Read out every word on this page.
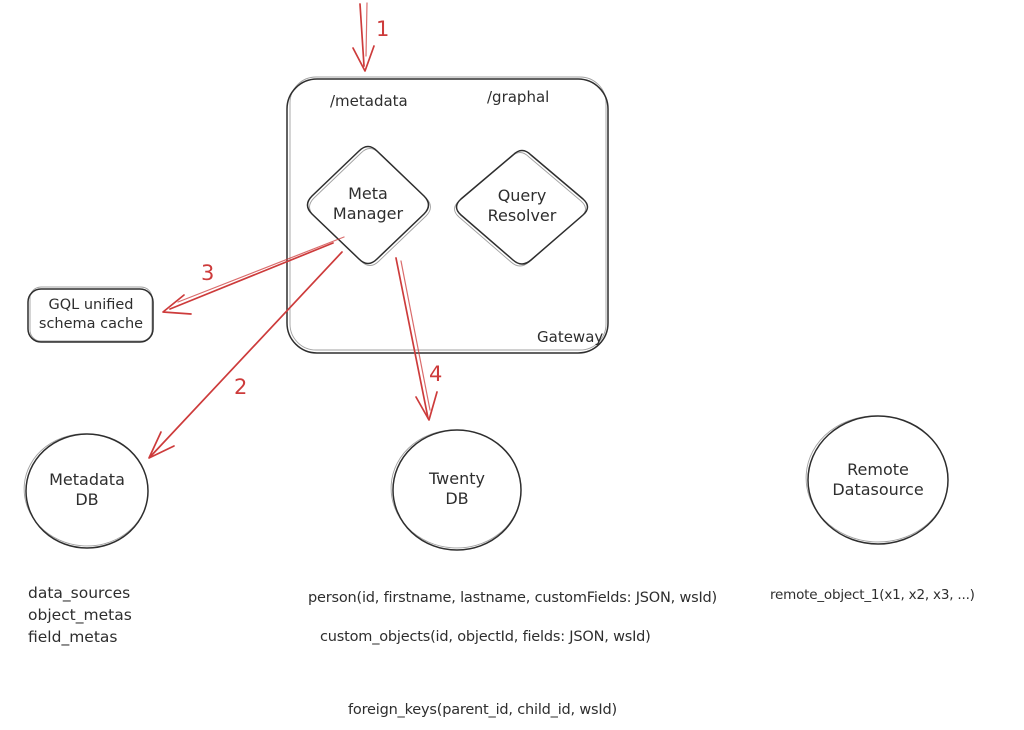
/metadata	/graphal
Gateway
Meta Manager
Query Resolver
GQL unified schema cache
Metadata DB
Twenty DB
Remote Datasource
data_sources
object_metas
field_metas
person(id, firstname, lastname, customFields: JSON, wsId)
custom_objects(id, objectId, fields: JSON, wsId)
foreign_keys(parent_id, child_id, wsId)
remote_object_1(x1, x2, x3, ...)
1
2
3
4
